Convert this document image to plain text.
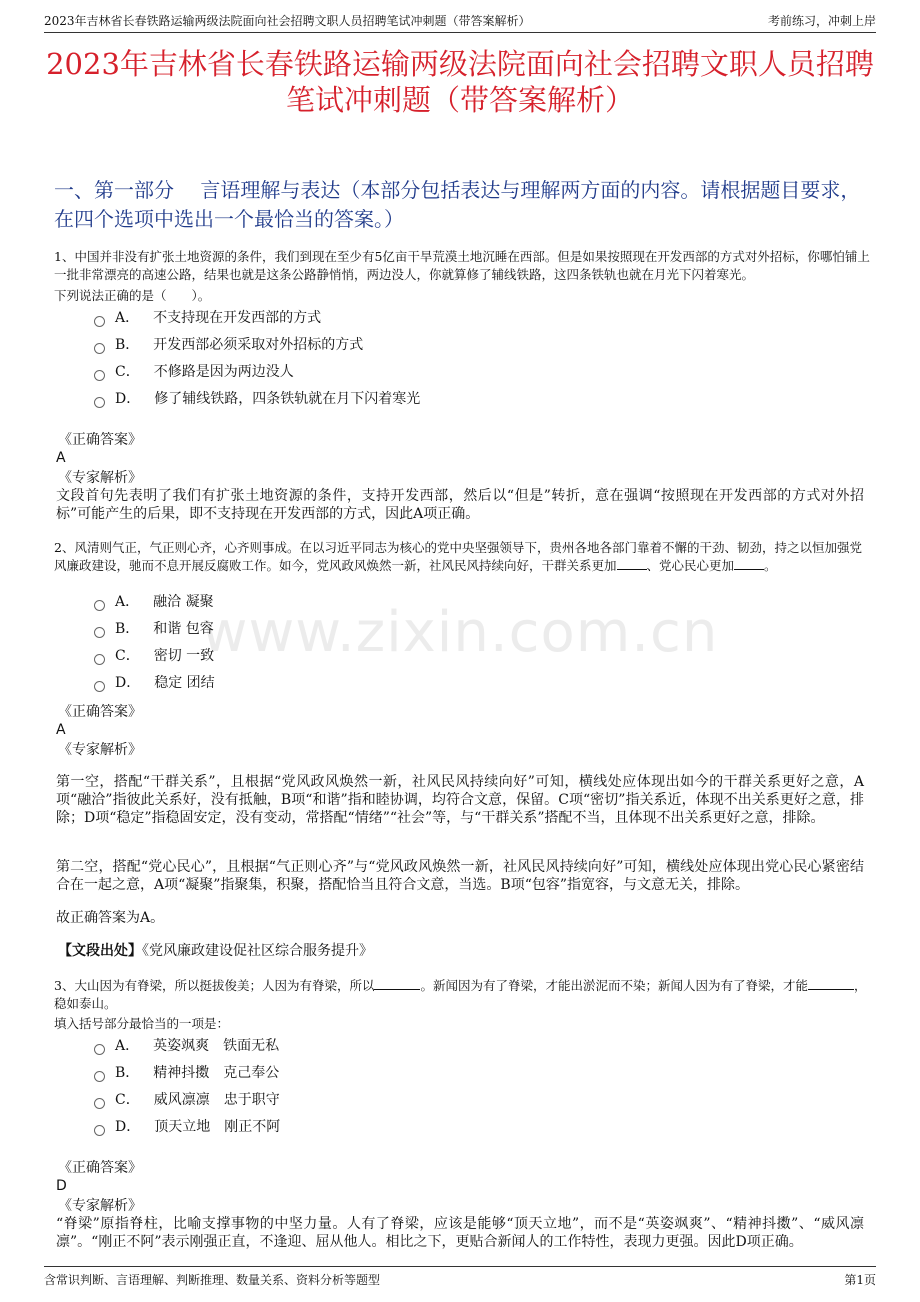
2023年吉林省长春铁路运输两级法院面向社会招聘文职人员招聘笔试冲刺题（带答案解析）	考前练习，冲刺上岸
www.zixin.com.cn
2023年吉林省长春铁路运输两级法院面向社会招聘文职人员招聘笔试冲刺题（带答案解析）
一、第一部分　 言语理解与表达（本部分包括表达与理解两方面的内容。请根据题目要求，在四个选项中选出一个最恰当的答案。）
1、中国并非没有扩张土地资源的条件，我们到现在至少有5亿亩干旱荒漠土地沉睡在西部。但是如果按照现在开发西部的方式对外招标，你哪怕铺上一批非常漂亮的高速公路，结果也就是这条公路静悄悄，两边没人，你就算修了辅线铁路，这四条铁轨也就在月光下闪着寒光。
下列说法正确的是（　　）。
A． 不支持现在开发西部的方式
B． 开发西部必须采取对外招标的方式
C． 不修路是因为两边没人
D． 修了辅线铁路，四条铁轨就在月下闪着寒光
《正确答案》
A
《专家解析》
文段首句先表明了我们有扩张土地资源的条件，支持开发西部，然后以“但是”转折，意在强调“按照现在开发西部的方式对外招标”可能产生的后果，即不支持现在开发西部的方式，因此A项正确。
2、风清则气正，气正则心齐，心齐则事成。在以习近平同志为核心的党中央坚强领导下，贵州各地各部门靠着不懈的干劲、韧劲，持之以恒加强党风廉政建设，驰而不息开展反腐败工作。如今，党风政风焕然一新，社风民风持续向好，干群关系更加 、党心民心更加 。
A． 融洽 凝聚
B． 和谐 包容
C． 密切 一致
D． 稳定 团结
《正确答案》
A
《专家解析》
第一空，搭配“干群关系”，且根据“党风政风焕然一新，社风民风持续向好”可知，横线处应体现出如今的干群关系更好之意，A项“融洽”指彼此关系好，没有抵触，B项“和谐”指和睦协调，均符合文意，保留。C项“密切”指关系近，体现不出关系更好之意，排除；D项“稳定”指稳固安定，没有变动，常搭配“情绪”“社会”等，与“干群关系”搭配不当，且体现不出关系更好之意，排除。
第二空，搭配“党心民心”，且根据“气正则心齐”与“党风政风焕然一新，社风民风持续向好”可知，横线处应体现出党心民心紧密结合在一起之意，A项“凝聚”指聚集，积聚，搭配恰当且符合文意，当选。B项“包容”指宽容，与文意无关，排除。
故正确答案为A。
【文段出处】《党风廉政建设促社区综合服务提升》
3、大山因为有脊梁，所以挺拔俊美；人因为有脊梁，所以	。新闻因为有了脊梁，才能出淤泥而不染；新闻人因为有了脊梁，才能	，稳如泰山。
填入括号部分最恰当的一项是：
A． 英姿飒爽　铁面无私
B． 精神抖擞　克己奉公
C． 威风凛凛　忠于职守
D． 顶天立地　刚正不阿
《正确答案》
D
《专家解析》
“脊梁”原指脊柱，比喻支撑事物的中坚力量。人有了脊梁，应该是能够“顶天立地”，而不是“英姿飒爽”、“精神抖擞”、“威风凛凛”。“刚正不阿”表示刚强正直，不逢迎、屈从他人。相比之下，更贴合新闻人的工作特性，表现力更强。因此D项正确。
含常识判断、言语理解、判断推理、数量关系、资料分析等题型	第1页
